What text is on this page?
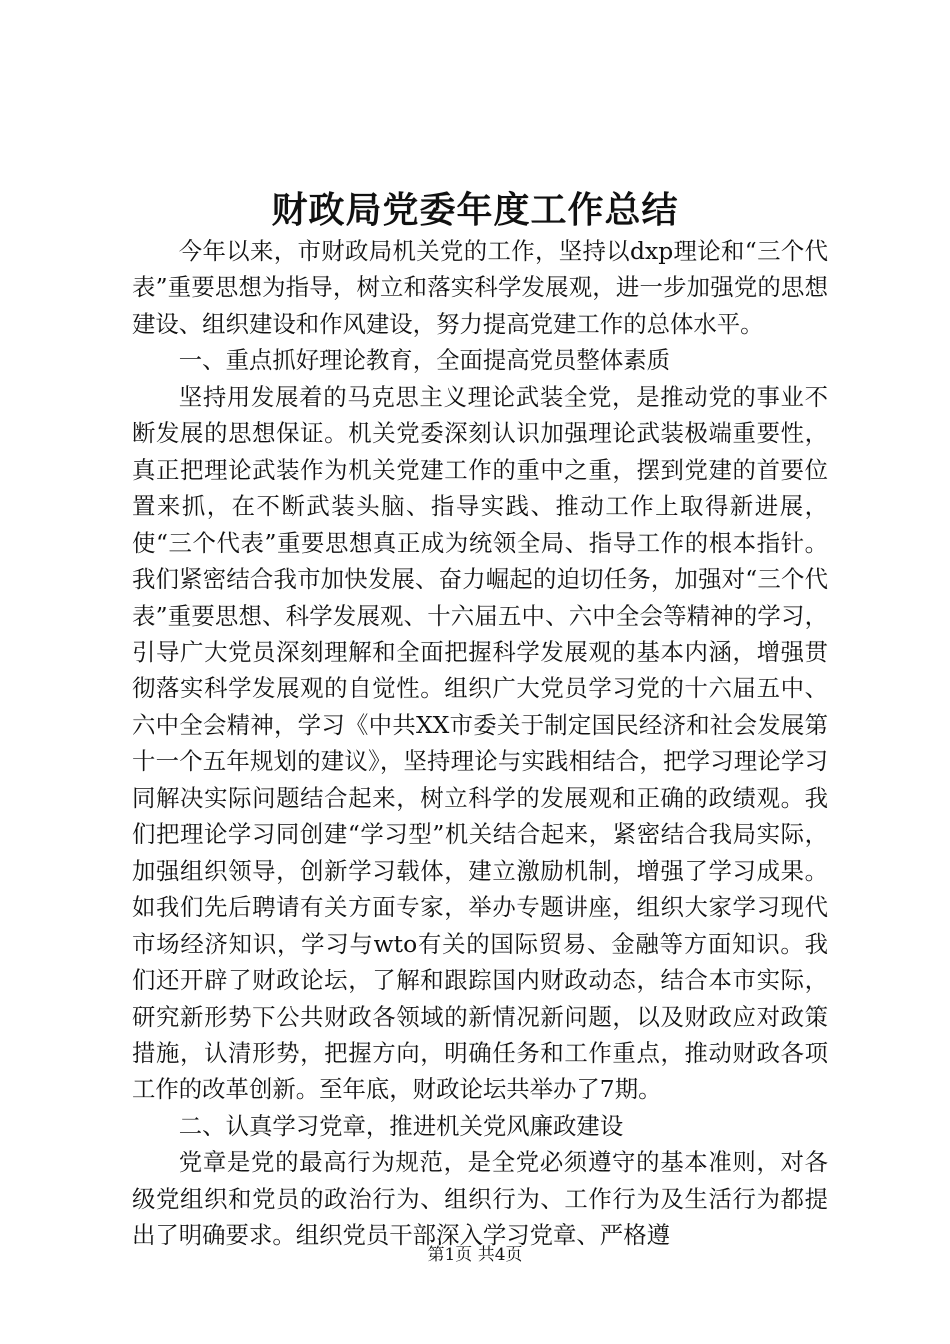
财政局党委年度工作总结

今年以来，市财政局机关党的工作，坚持以dxp理论和“三个代表”重要思想为指导，树立和落实科学发展观，进一步加强党的思想建设、组织建设和作风建设，努力提高党建工作的总体水平。

一、重点抓好理论教育，全面提高党员整体素质

坚持用发展着的马克思主义理论武装全党，是推动党的事业不断发展的思想保证。机关党委深刻认识加强理论武装极端重要性，真正把理论武装作为机关党建工作的重中之重，摆到党建的首要位置来抓，在不断武装头脑、指导实践、推动工作上取得新进展，使“三个代表”重要思想真正成为统领全局、指导工作的根本指针。我们紧密结合我市加快发展、奋力崛起的迫切任务，加强对“三个代表”重要思想、科学发展观、十六届五中、六中全会等精神的学习，引导广大党员深刻理解和全面把握科学发展观的基本内涵，增强贯彻落实科学发展观的自觉性。组织广大党员学习党的十六届五中、六中全会精神，学习《中共XX市委关于制定国民经济和社会发展第十一个五年规划的建议》，坚持理论与实践相结合，把学习理论学习同解决实际问题结合起来，树立科学的发展观和正确的政绩观。我们把理论学习同创建“学习型”机关结合起来，紧密结合我局实际，加强组织领导，创新学习载体，建立激励机制，增强了学习成果。如我们先后聘请有关方面专家，举办专题讲座，组织大家学习现代市场经济知识，学习与wto有关的国际贸易、金融等方面知识。我们还开辟了财政论坛，了解和跟踪国内财政动态，结合本市实际，研究新形势下公共财政各领域的新情况新问题，以及财政应对政策措施，认清形势，把握方向，明确任务和工作重点，推动财政各项工作的改革创新。至年底，财政论坛共举办了7期。

二、认真学习党章，推进机关党风廉政建设

党章是党的最高行为规范，是全党必须遵守的基本准则，对各级党组织和党员的政治行为、组织行为、工作行为及生活行为都提出了明确要求。组织党员干部深入学习党章、严格遵

第1页 共4页
